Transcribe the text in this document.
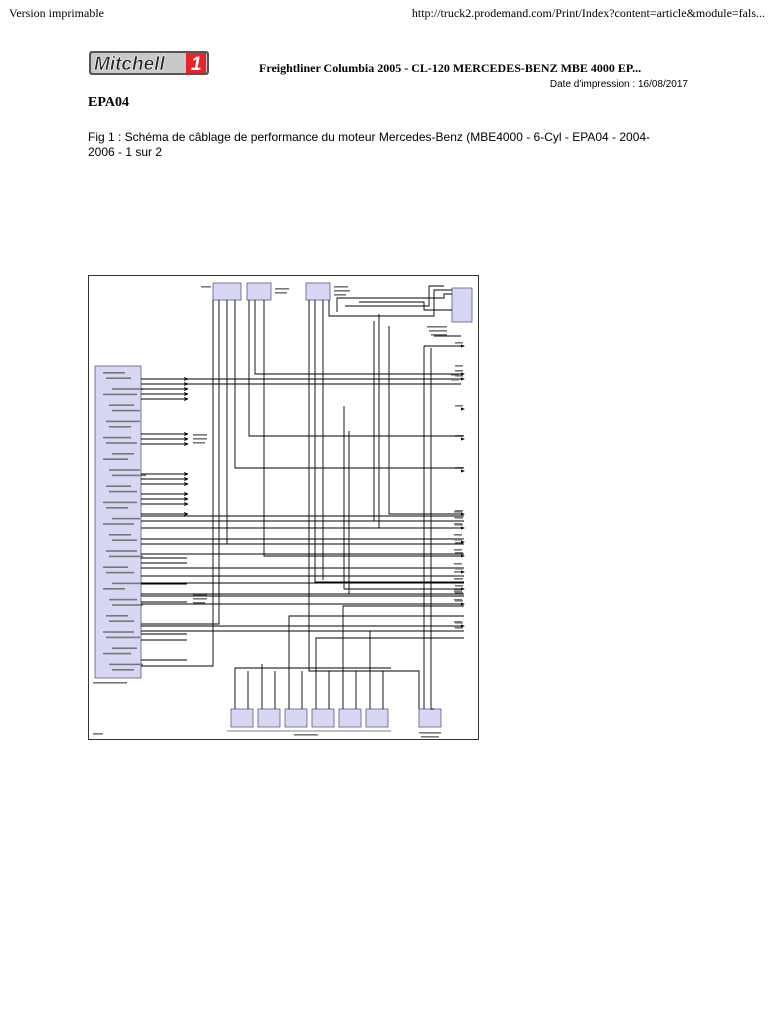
Version imprimable	http://truck2.prodemand.com/Print/Index?content=article&module=fals...
Mitchell 1	Freightliner Columbia 2005 - CL-120 MERCEDES-BENZ MBE 4000 EP...
Date d'impression : 16/08/2017
EPA04
Fig 1 : Schéma de câblage de performance du moteur Mercedes-Benz (MBE4000 - 6-Cyl - EPA04 - 2004-2006 - 1 sur 2
